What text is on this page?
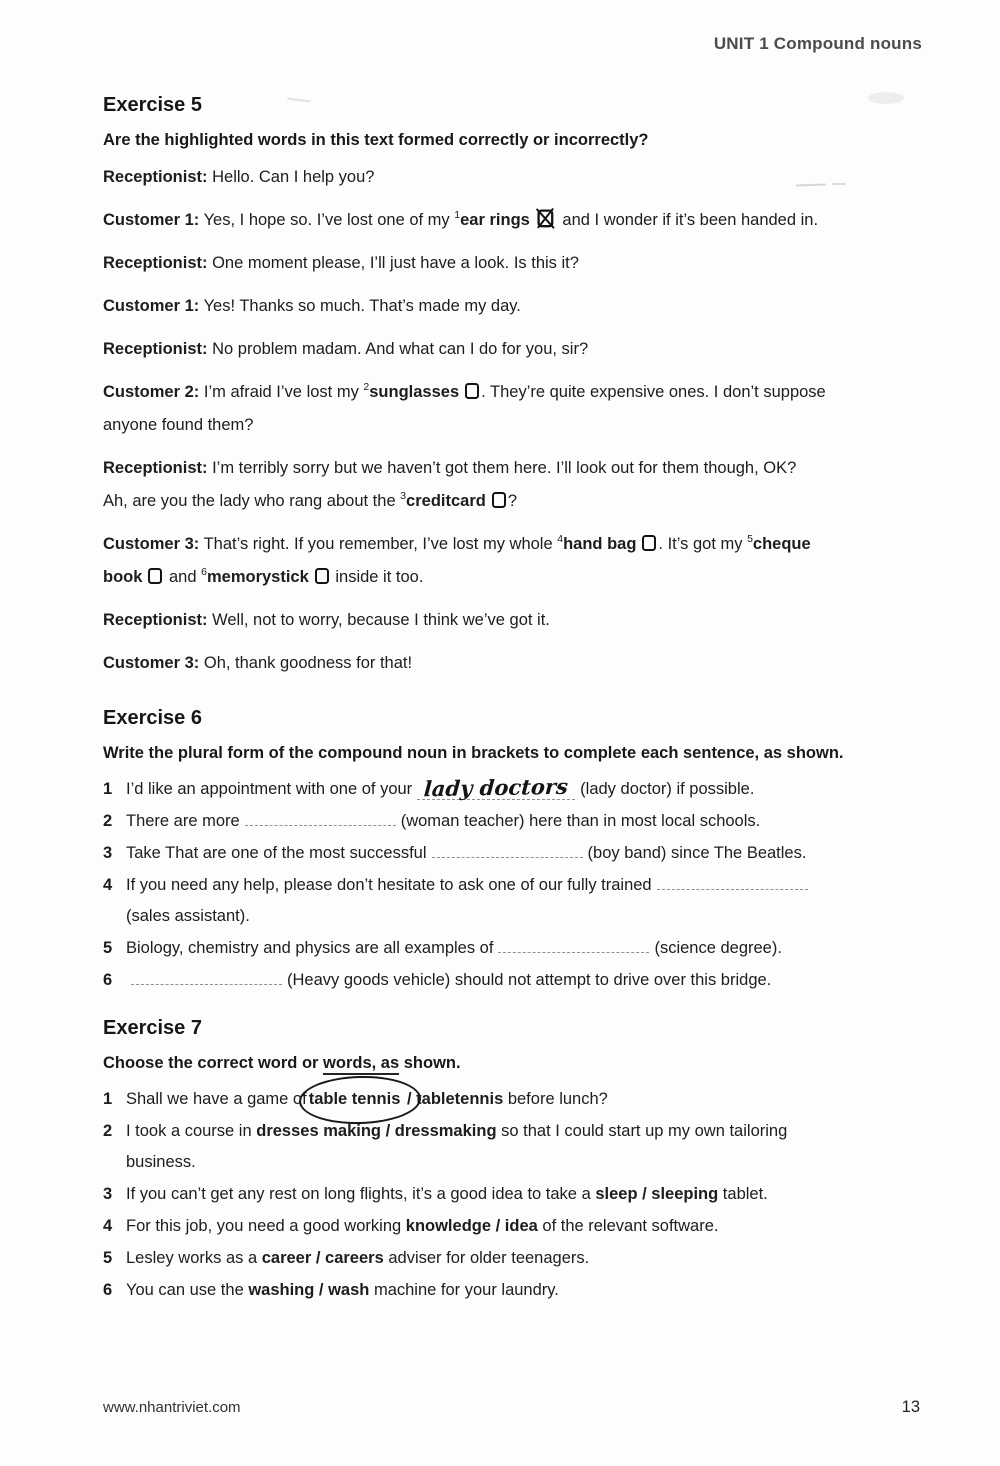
UNIT 1 Compound nouns
Exercise 5

Are the highlighted words in this text formed correctly or incorrectly?

Receptionist: Hello. Can I help you?

Customer 1: Yes, I hope so. I’ve lost one of my $^1$ear rings
and I wonder if it’s been handed in.

Receptionist: One moment please, I’ll just have a look. Is this it?

Customer 1: Yes! Thanks so much. That’s made my day.

Receptionist: No problem madam. And what can I do for you, sir?

Customer 2: I’m afraid I’ve lost my $^2$sunglasses . They’re quite expensive ones. I don’t suppose
anyone found them?

Receptionist: I’m terribly sorry but we haven’t got them here. I’ll look out for them though, OK?
Ah, are you the lady who rang about the $^3$creditcard ?

Customer 3: That’s right. If you remember, I’ve lost my whole $^4$hand bag . It’s got my $^5$cheque
book and $^6$memorystick inside it too.

Receptionist: Well, not to worry, because I think we’ve got it.

Customer 3: Oh, thank goodness for that!

Exercise 6

Write the plural form of the compound noun in brackets to complete each sentence, as shown.

1 I’d like an appointment with one of your lady doctors (lady doctor) if possible.
2 There are more	(woman teacher) here than in most local schools.
3 Take That are one of the most successful	(boy band) since The Beatles.
4 If you need any help, please don’t hesitate to ask one of our fully trained
(sales assistant).
5 Biology, chemistry and physics are all examples of	(science degree).
6	(Heavy goods vehicle) should not attempt to drive over this bridge.
Exercise 7

Choose the correct word or words, as shown.

1 Shall we have a game of table tennis / tabletennis before lunch?
2 I took a course in dresses making / dressmaking so that I could start up my own tailoring
business.
3 If you can’t get any rest on long flights, it’s a good idea to take a sleep / sleeping tablet.
4 For this job, you need a good working knowledge / idea of the relevant software.
5 Lesley works as a career / careers adviser for older teenagers.
6 You can use the washing / wash machine for your laundry.
www.nhantriviet.com	13
